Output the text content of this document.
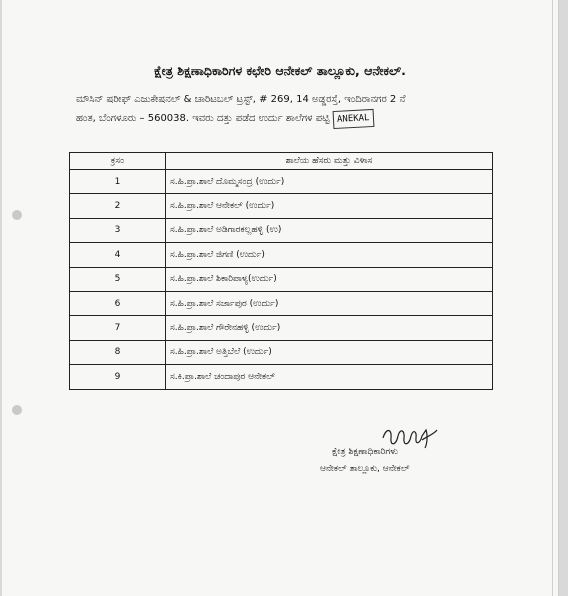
ಕ್ಷೇತ್ರ ಶಿಕ್ಷಣಾಧಿಕಾರಿಗಳ ಕಛೇರಿ ಆನೇಕಲ್ ತಾಲ್ಲೂಕು, ಆನೇಕಲ್.
ಮೌಸಿನ್ ಷರೀಫ್ ಎಜುಕೇಷನಲ್ & ಚಾರಿಟಬಲ್ ಟ್ರಸ್ಟ್, # 269, 14 ಅಡ್ಡರಸ್ತೆ, ಇಂದಿರಾನಗರ 2 ನೆ
ಹಂತ, ಬೆಂಗಳೂರು – 560038. ಇವರು ದತ್ತು ಪಡೆದ ಉರ್ದು ಶಾಲೆಗಳ ಪಟ್ಟಿ ANEKAL
ಕ್ರಸಂ	ಶಾಲೆಯ ಹೆಸರು ಮತ್ತು ವಿಳಾಸ
1	ಸ.ಹಿ.ಪ್ರಾ.ಶಾಲೆ ದೊಮ್ಮಸಂದ್ರ (ಉರ್ದು)
2	ಸ.ಹಿ.ಪ್ರಾ.ಶಾಲೆ ಆನೇಕಲ್ (ಉರ್ದು)
3	ಸ.ಹಿ.ಪ್ರಾ.ಶಾಲೆ ಅಡಿಗಾರಕಲ್ಲಹಳ್ಳಿ (ಉ)
4	ಸ.ಹಿ.ಪ್ರಾ.ಶಾಲೆ ಜಿಗಣಿ (ಉರ್ದು)
5	ಸ.ಹಿ.ಪ್ರಾ.ಶಾಲೆ ಶಿಕಾರಿಪಾಳ್ಯ(ಉರ್ದು)
6	ಸ.ಹಿ.ಪ್ರಾ.ಶಾಲೆ ಸರ್ಜಾಪುರ (ಉರ್ದು)
7	ಸ.ಹಿ.ಪ್ರಾ.ಶಾಲೆ ಗೌರೇನಹಳ್ಳಿ (ಉರ್ದು)
8	ಸ.ಹಿ.ಪ್ರಾ.ಶಾಲೆ ಅತ್ತಿಬೆಲೆ (ಉರ್ದು)
9	ಸ.ಕಿ.ಪ್ರಾ.ಶಾಲೆ ಚಂದಾಪುರ ಆನೇಕಲ್
ಕ್ಷೇತ್ರ ಶಿಕ್ಷಣಾಧಿಕಾರಿಗಳು
ಆನೇಕಲ್ ತಾಲ್ಲೂಕು, ಆನೇಕಲ್
